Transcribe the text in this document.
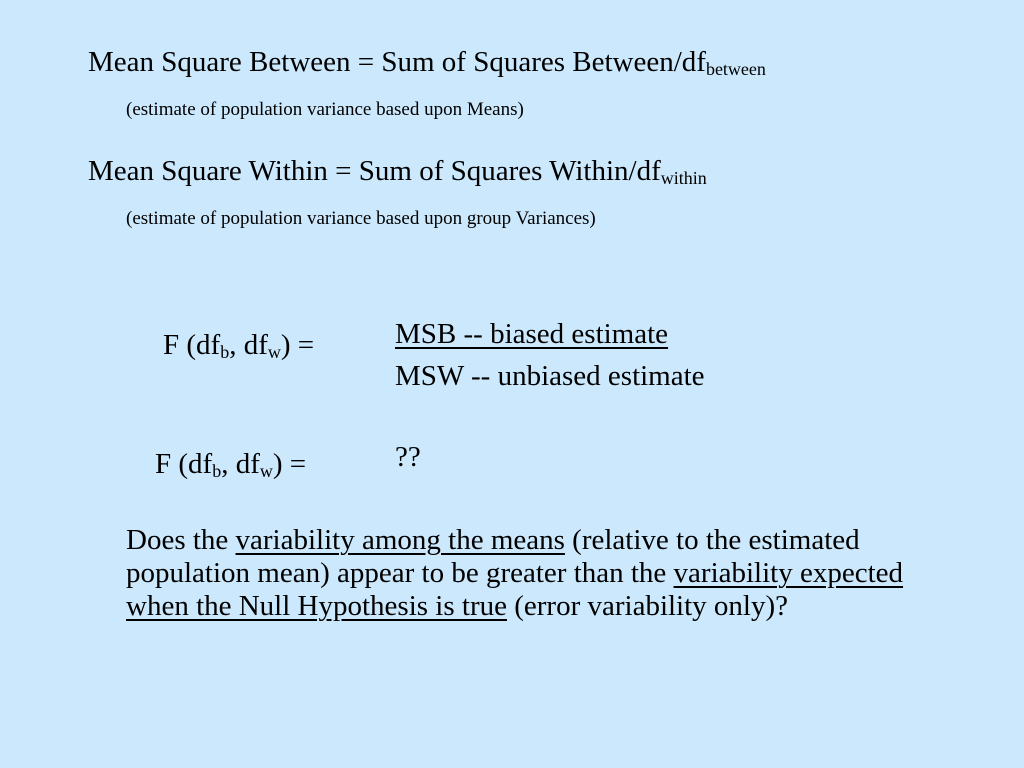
Mean Square Between = Sum of Squares Between/$df_{between}$
(estimate of population variance based upon Means)
Mean Square Within = Sum of Squares Within/$df_{within}$
(estimate of population variance based upon group Variances)
F ($df_b$, $df_w$) =	MSB -- biased estimate
MSW -- unbiased estimate
F ($df_b$, $df_w$) =	??
Does the variability among the means (relative to the estimated population mean) appear to be greater than the variability expected when the Null Hypothesis is true (error variability only)?
